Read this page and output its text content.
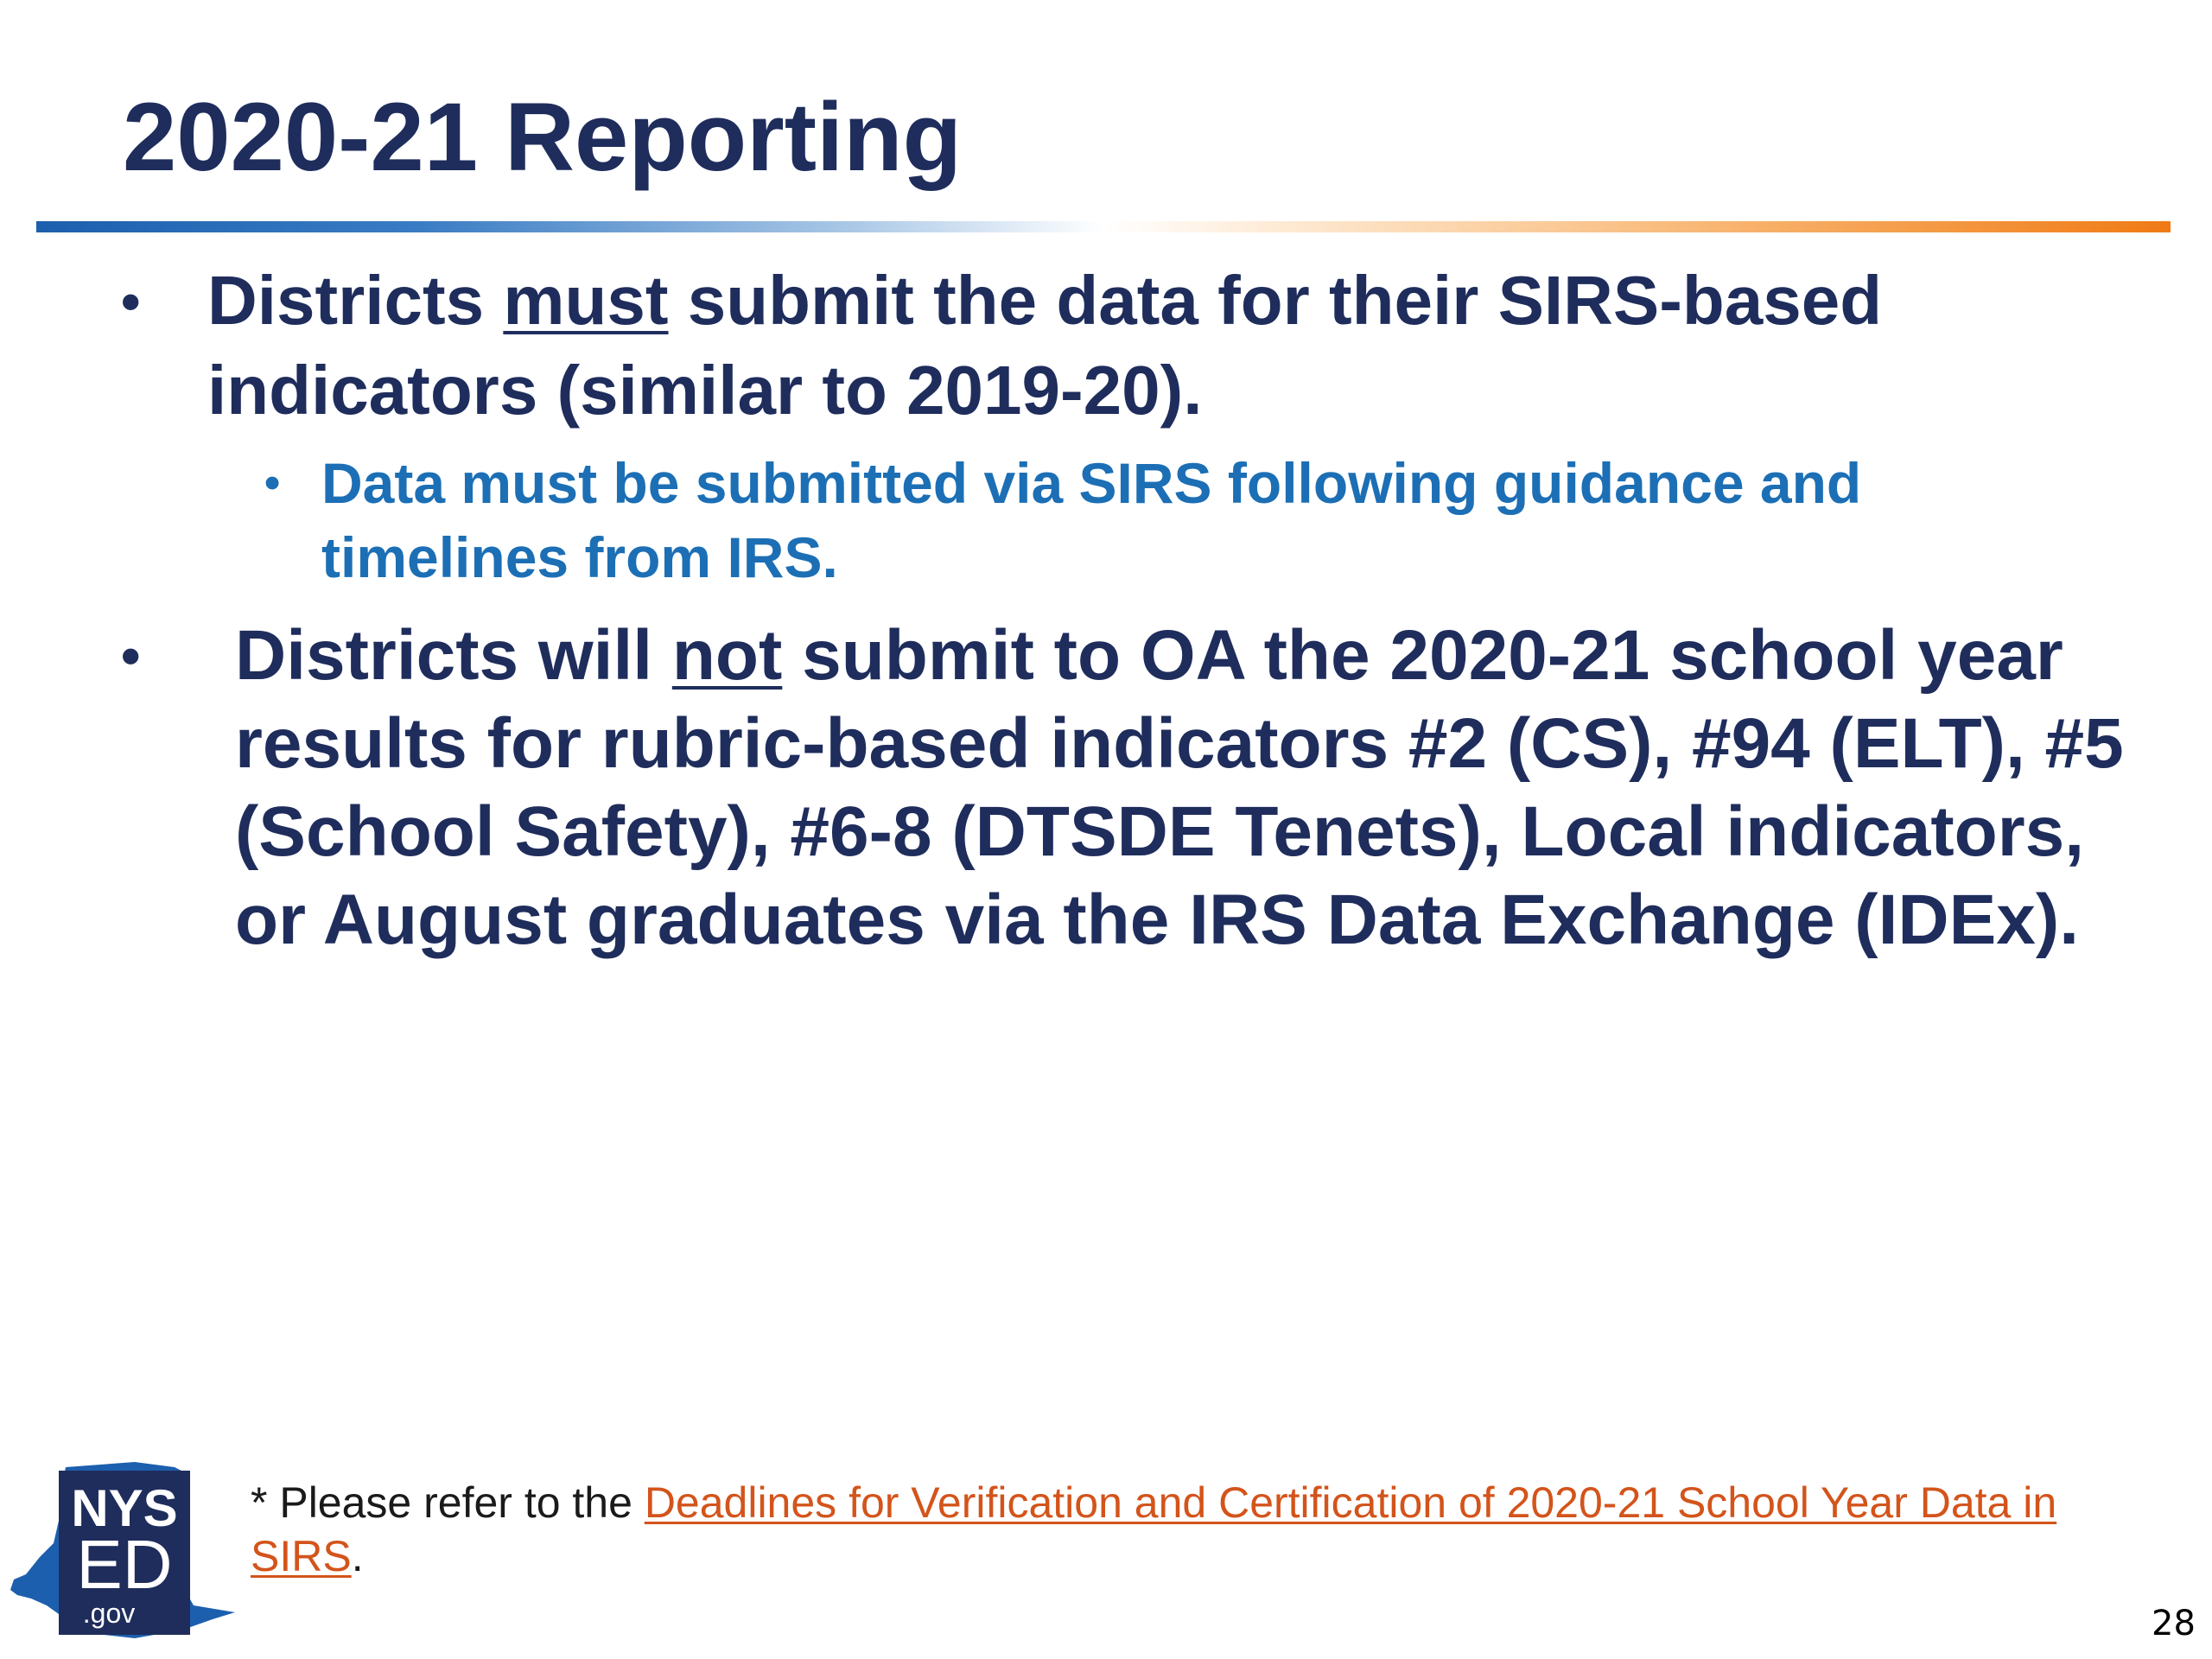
2020-21 Reporting
• Districts must submit the data for their SIRS-based indicators (similar to 2019-20).
• Data must be submitted via SIRS following guidance and timelines from IRS.
•	Districts will not submit to OA the 2020-21 school year results for rubric-based indicators #2 (CS), #94 (ELT), #5 (School Safety), #6-8 (DTSDE Tenets), Local indicators, or August graduates via the IRS Data Exchange (IDEx).
NYS
ED
.gov
* Please refer to the Deadlines for Verification and Certification of 2020-21 School Year Data in SIRS.
28
